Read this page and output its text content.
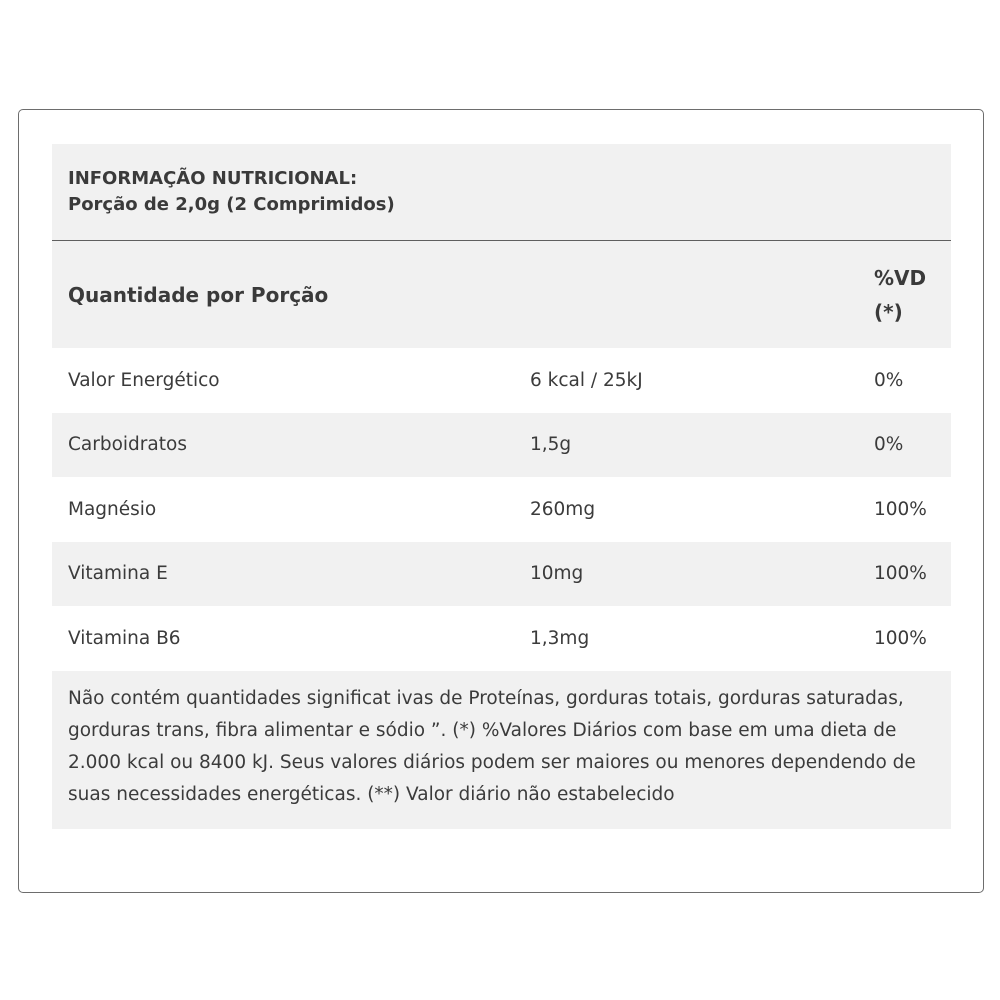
INFORMAÇÃO NUTRICIONAL:
Porção de 2,0g (2 Comprimidos)
Quantidade por Porção
%VD
(*)
Valor Energético	6 kcal / 25kJ	0%
Carboidratos	1,5g	0%
Magnésio	260mg	100%
Vitamina E	10mg	100%
Vitamina B6	1,3mg	100%
Não contém quantidades significat ivas de Proteínas, gorduras totais, gorduras saturadas, gorduras trans, fibra alimentar e sódio ”. (*) %Valores Diários com base em uma dieta de 2.000 kcal ou 8400 kJ. Seus valores diários podem ser maiores ou menores dependendo de suas necessidades energéticas. (**) Valor diário não estabelecido
